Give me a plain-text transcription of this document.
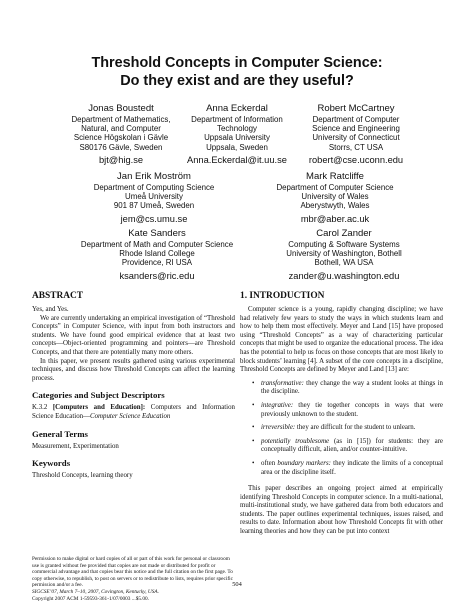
Threshold Concepts in Computer Science:
Do they exist and are they useful?
Jonas Boustedt
Department of Mathematics,
Natural, and Computer
Science Högskolan i Gävle
S80176 Gävle, Sweden
bjt@hig.se
Anna Eckerdal
Department of Information
Technology
Uppsala University
Uppsala, Sweden
Anna.Eckerdal@it.uu.se
Robert McCartney
Department of Computer
Science and Engineering
University of Connecticut
Storrs, CT USA
robert@cse.uconn.edu
Jan Erik Moström
Department of Computing Science
Umeå University
901 87 Umeå, Sweden
jem@cs.umu.se
Mark Ratcliffe
Department of Computer Science
University of Wales
Aberystwyth, Wales
mbr@aber.ac.uk
Kate Sanders
Department of Math and Computer Science
Rhode Island College
Providence, RI USA
ksanders@ric.edu
Carol Zander
Computing & Software Systems
University of Washington, Bothell
Bothell, WA USA
zander@u.washington.edu
ABSTRACT
Yes, and Yes.
We are currently undertaking an empirical investigation of “Threshold Concepts” in Computer Science, with input from both instructors and students. We have found good empirical evidence that at least two concepts—Object-oriented programming and pointers—are Threshold Concepts, and that there are potentially many more others.
In this paper, we present results gathered using various experimental techniques, and discuss how Threshold Concepts can affect the learning process.
Categories and Subject Descriptors
K.3.2 [Computers and Education]: Computers and Information Science Education—Computer Science Education
General Terms
Measurement, Experimentation
Keywords
Threshold Concepts, learning theory
Permission to make digital or hard copies of all or part of this work for personal or classroom use is granted without fee provided that copies are not made or distributed for profit or commercial advantage and that copies bear this notice and the full citation on the first page. To copy otherwise, to republish, to post on servers or to redistribute to lists, requires prior specific permission and/or a fee.
SIGCSE’07, March 7–10, 2007, Covington, Kentucky, USA.
Copyright 2007 ACM 1-59593-361-1/07/0003 ...$5.00.
1. INTRODUCTION
Computer science is a young, rapidly changing discipline; we have had relatively few years to study the ways in which students learn and how to help them most effectively. Meyer and Land [15] have proposed using “Threshold Concepts” as a way of characterizing particular concepts that might be used to organize the educational process. The idea has the potential to help us focus on those concepts that are most likely to block students’ learning [4]. A subset of the core concepts in a discipline, Threshold Concepts are defined by Meyer and Land [13] are:
• transformative: they change the way a student looks at things in the discipline.
• integrative: they tie together concepts in ways that were previously unknown to the student.
• irreversible: they are difficult for the student to unlearn.
• potentially troublesome (as in [15]) for students: they are conceptually difficult, alien, and/or counter-intuitive.
• often boundary markers: they indicate the limits of a conceptual area or the discipline itself.
This paper describes an ongoing project aimed at empirically identifying Threshold Concepts in computer science. In a multi-national, multi-institutional study, we have gathered data from both educators and students. The paper outlines experimental techniques, issues raised, and results to date. Information about how Threshold Concepts fit with other learning theories and how they can be put into context
504
